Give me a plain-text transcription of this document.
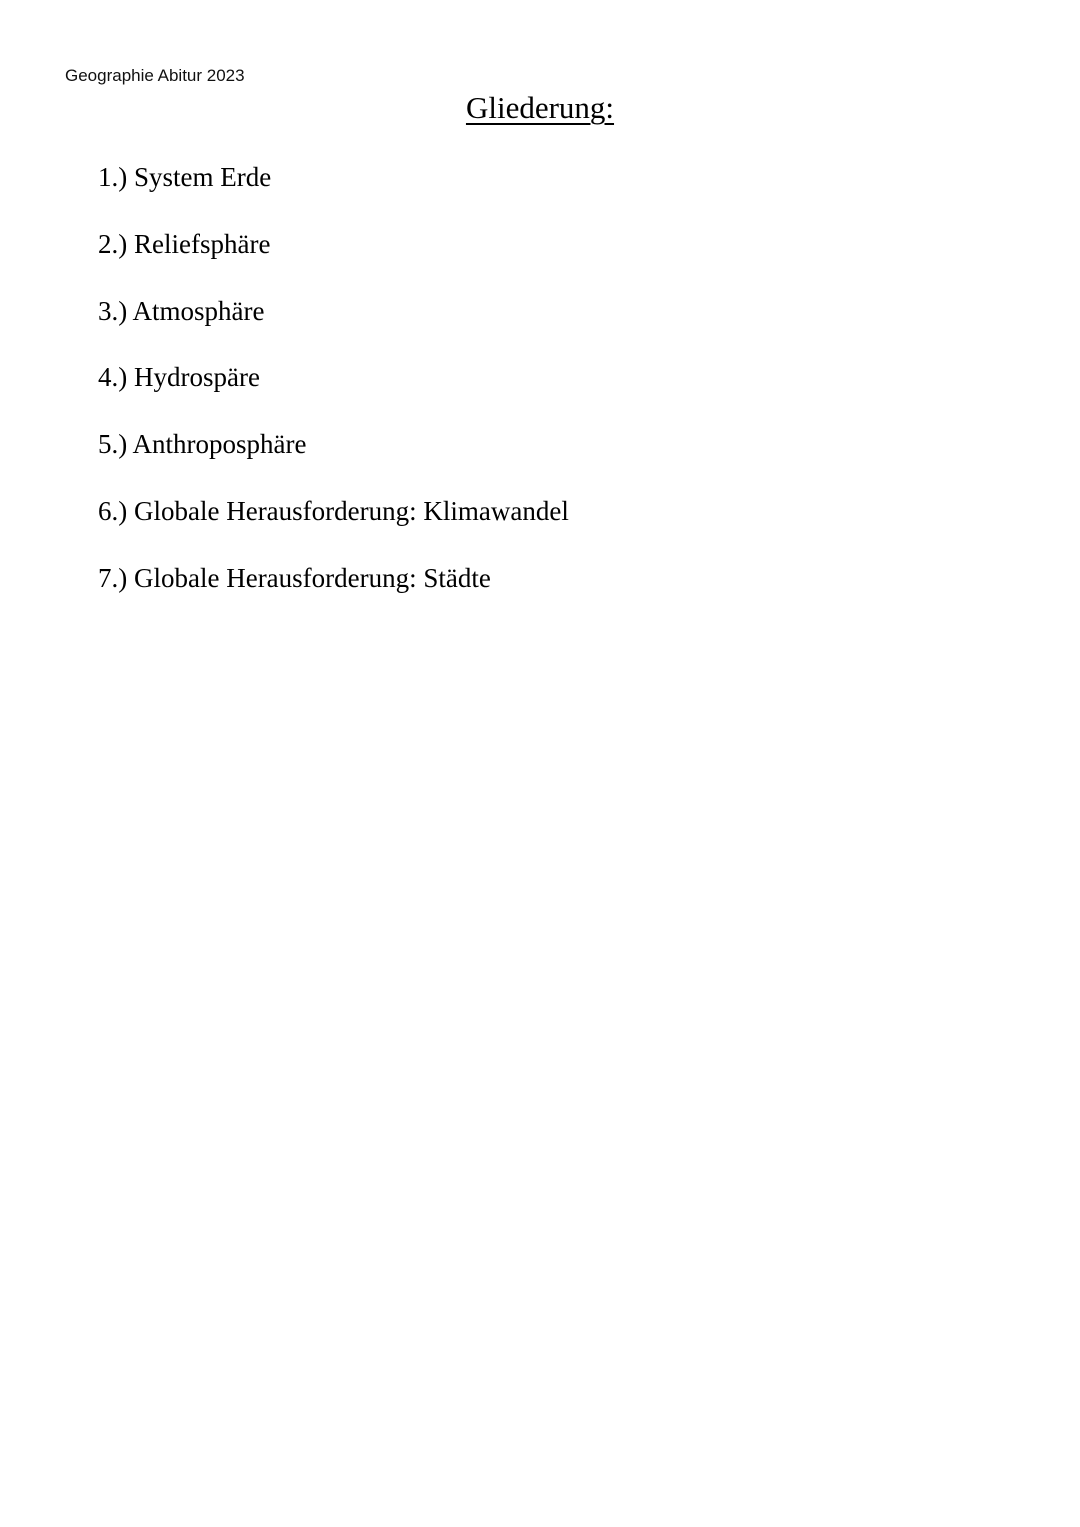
Geographie Abitur 2023
Gliederung:
1.) System Erde
2.) Reliefsphäre
3.) Atmosphäre
4.) Hydrospäre
5.) Anthroposphäre
6.) Globale Herausforderung: Klimawandel
7.) Globale Herausforderung: Städte
